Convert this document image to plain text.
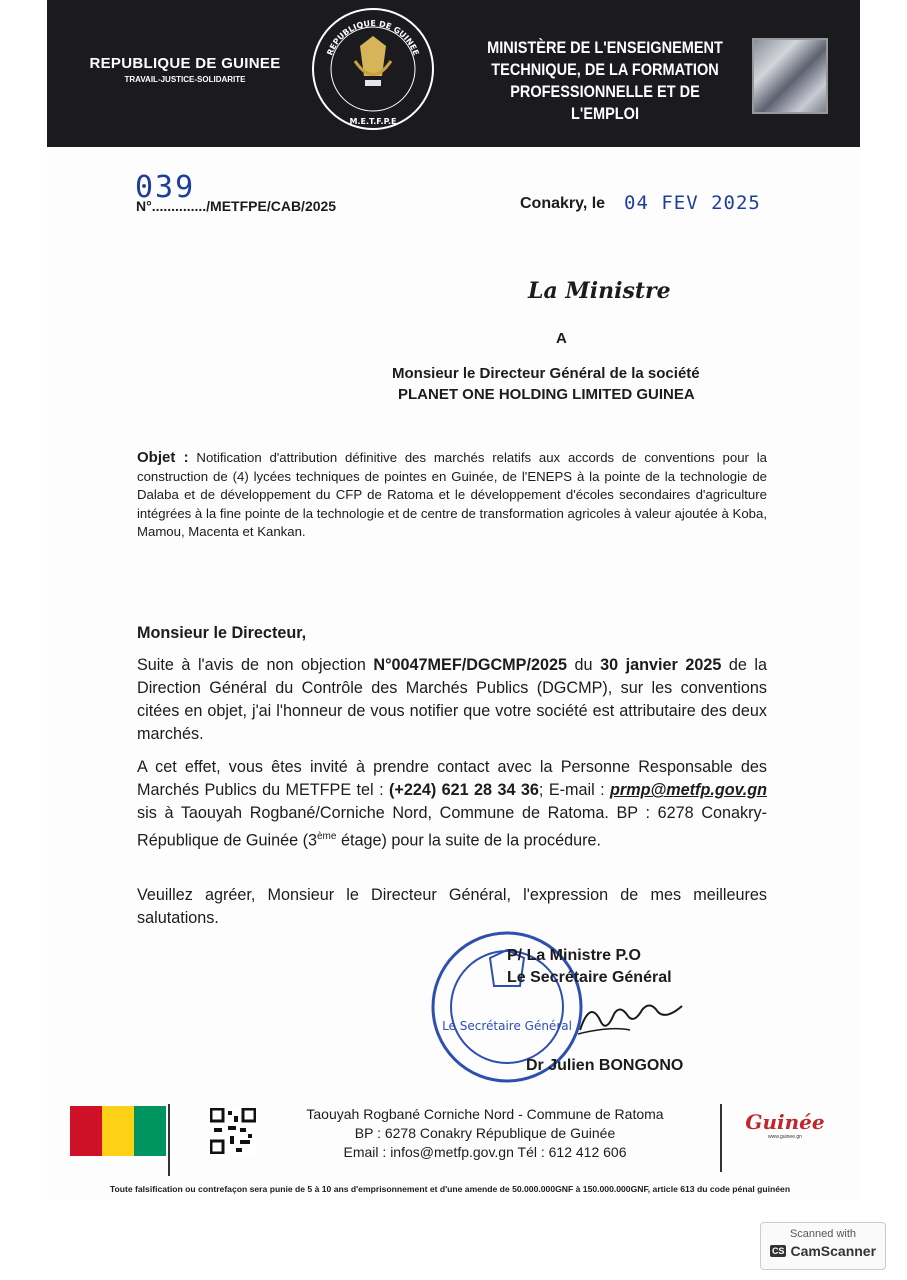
REPUBLIQUE DE GUINEE
TRAVAIL-JUSTICE-SOLIDARITE
REPUBLIQUE DE GUINEE
M.E.T.F.P.E
MINISTÈRE DE L'ENSEIGNEMENT
TECHNIQUE, DE LA FORMATION
PROFESSIONNELLE ET DE L'EMPLOI
039
N°............../METFPE/CAB/2025	Conakry, le 04 FEV 2025
La Ministre
A
Monsieur le Directeur Général de la société
PLANET ONE HOLDING LIMITED GUINEA
Objet : Notification d'attribution définitive des marchés relatifs aux accords de conventions pour la construction de (4) lycées techniques de pointes en Guinée, de l'ENEPS à la pointe de la technologie de Dalaba et de développement du CFP de Ratoma et le développement d'écoles secondaires d'agriculture intégrées à la fine pointe de la technologie et de centre de transformation agricoles à valeur ajoutée à Koba, Mamou, Macenta et Kankan.
Monsieur le Directeur,
Suite à l'avis de non objection N°0047MEF/DGCMP/2025 du 30 janvier 2025 de la Direction Général du Contrôle des Marchés Publics (DGCMP), sur les conventions citées en objet, j'ai l'honneur de vous notifier que votre société est attributaire des deux marchés.
A cet effet, vous êtes invité à prendre contact avec la Personne Responsable des Marchés Publics du METFPE tel : (+224) 621 28 34 36; E-mail : prmp@metfp.gov.gn sis à Taouyah Rogbané/Corniche Nord, Commune de Ratoma. BP : 6278 Conakry- République de Guinée (3ème étage) pour la suite de la procédure.
Veuillez agréer, Monsieur le Directeur Général, l'expression de mes meilleures salutations.
Le Secrétaire Général
P/ La Ministre P.O
Le Secrétaire Général
Dr Julien BONGONO
Taouyah Rogbané Corniche Nord - Commune de Ratoma
BP : 6278 Conakry République de Guinée
Email : infos@metfp.gov.gn Tél : 612 412 606
Guinée
www.guinee.gn
Toute falsification ou contrefaçon sera punie de 5 à 10 ans d'emprisonnement et d'une amende de 50.000.000GNF à 150.000.000GNF, article 613 du code pénal guinéen
Scanned with
CS CamScanner
